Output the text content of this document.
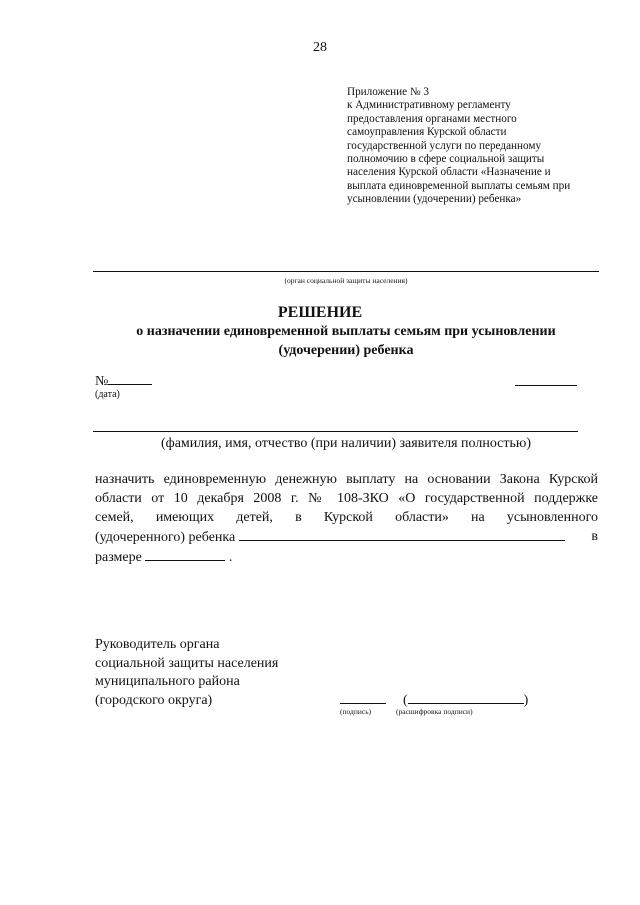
28
Приложение № 3
к Административному регламенту
предоставления органами местного
самоуправления Курской области
государственной услуги по переданному
полномочию в сфере социальной защиты
населения Курской области «Назначение и
выплата единовременной выплаты семьям при
усыновлении (удочерении) ребенка»
(орган социальной защиты населения)
РЕШЕНИЕ
о назначении единовременной выплаты семьям при усыновлении
(удочерении) ребенка
№
(дата)
(фамилия, имя, отчество (при наличии) заявителя полностью)
назначить единовременную денежную выплату на основании Закона Курской
области от 10 декабря 2008 г. № 108-ЗКО «О государственной поддержке
семей, имеющих детей, в Курской области» на усыновленного
(удочеренного) ребенка	в
размере	.
Руководитель органа
социальной защиты населения
муниципального района
(городского округа)
(подпись)
(	)
(расшифровка подписи)
